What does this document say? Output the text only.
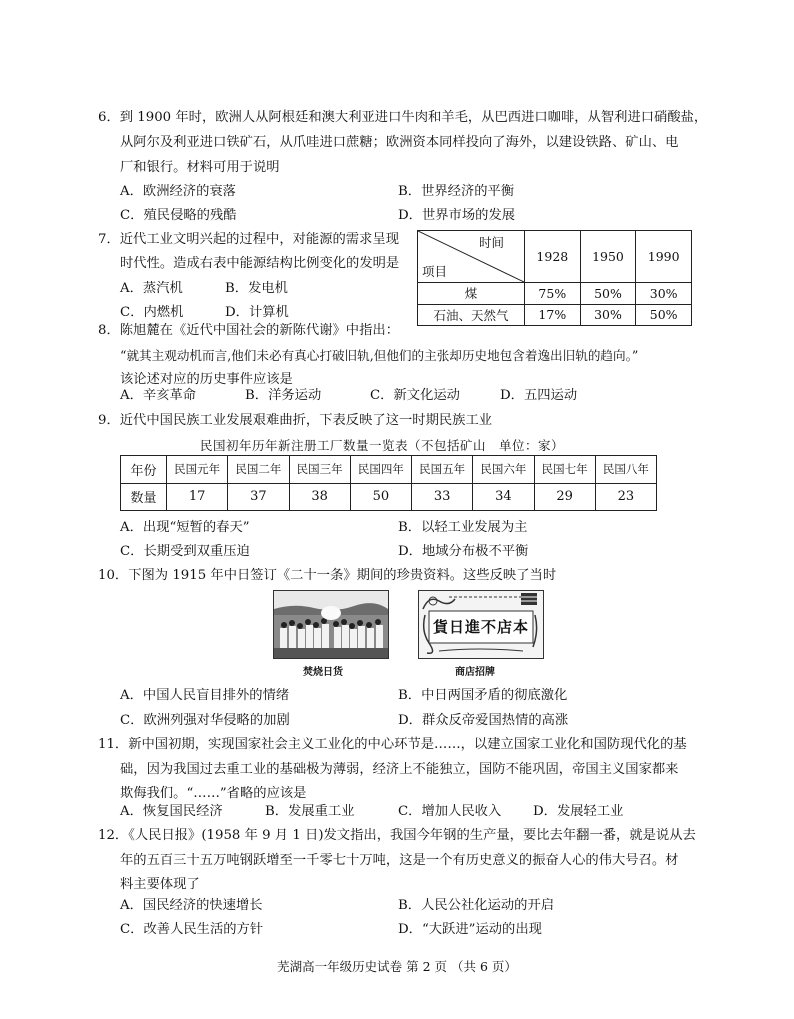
6．到 1900 年时，欧洲人从阿根廷和澳大利亚进口牛肉和羊毛，从巴西进口咖啡，从智利进口硝酸盐，
从阿尔及利亚进口铁矿石，从爪哇进口蔗糖；欧洲资本同样投向了海外，以建设铁路、矿山、电
厂和银行。材料可用于说明
A．欧洲经济的衰落	B．世界经济的平衡
C．殖民侵略的残酷	D．世界市场的发展
7．近代工业文明兴起的过程中，对能源的需求呈现
时代性。造成右表中能源结构比例变化的发明是
A．蒸汽机	B．发电机
C．内燃机	D．计算机
时间
项目	1928	1950	1990
煤	75%	50%	30%
石油、天然气	17%	30%	50%
8．陈旭麓在《近代中国社会的新陈代谢》中指出：
“就其主观动机而言,他们未必有真心打破旧轨,但他们的主张却历史地包含着逸出旧轨的趋向。”
该论述对应的历史事件应该是
A．辛亥革命	B．洋务运动	C．新文化运动	D．五四运动
9．近代中国民族工业发展艰难曲折，下表反映了这一时期民族工业
民国初年历年新注册工厂数量一览表（不包括矿山　单位：家）
年份	民国元年	民国二年	民国三年	民国四年	民国五年	民国六年	民国七年	民国八年
数量	17	37	38	50	33	34	29	23
A．出现“短暂的春天”	B．以轻工业发展为主
C．长期受到双重压迫	D．地域分布极不平衡
10．下图为 1915 年中日签订《二十一条》期间的珍贵资料。这些反映了当时
焚烧日货
本店不進日貨
商店招牌
A．中国人民盲目排外的情绪	B．中日两国矛盾的彻底激化
C．欧洲列强对华侵略的加剧	D．群众反帝爱国热情的高涨
11．新中国初期，实现国家社会主义工业化的中心环节是……，以建立国家工业化和国防现代化的基
础，因为我国过去重工业的基础极为薄弱，经济上不能独立，国防不能巩固，帝国主义国家都来
欺侮我们。“……”省略的应该是
A．恢复国民经济	B．发展重工业	C．增加人民收入 D．发展轻工业
12．《人民日报》(1958 年 9 月 1 日)发文指出，我国今年钢的生产量，要比去年翻一番，就是说从去
年的五百三十五万吨钢跃增至一千零七十万吨，这是一个有历史意义的振奋人心的伟大号召。材
料主要体现了
A．国民经济的快速增长	B．人民公社化运动的开启
C．改善人民生活的方针	D．“大跃进”运动的出现
芜湖高一年级历史试卷 第 2 页 （共 6 页）
